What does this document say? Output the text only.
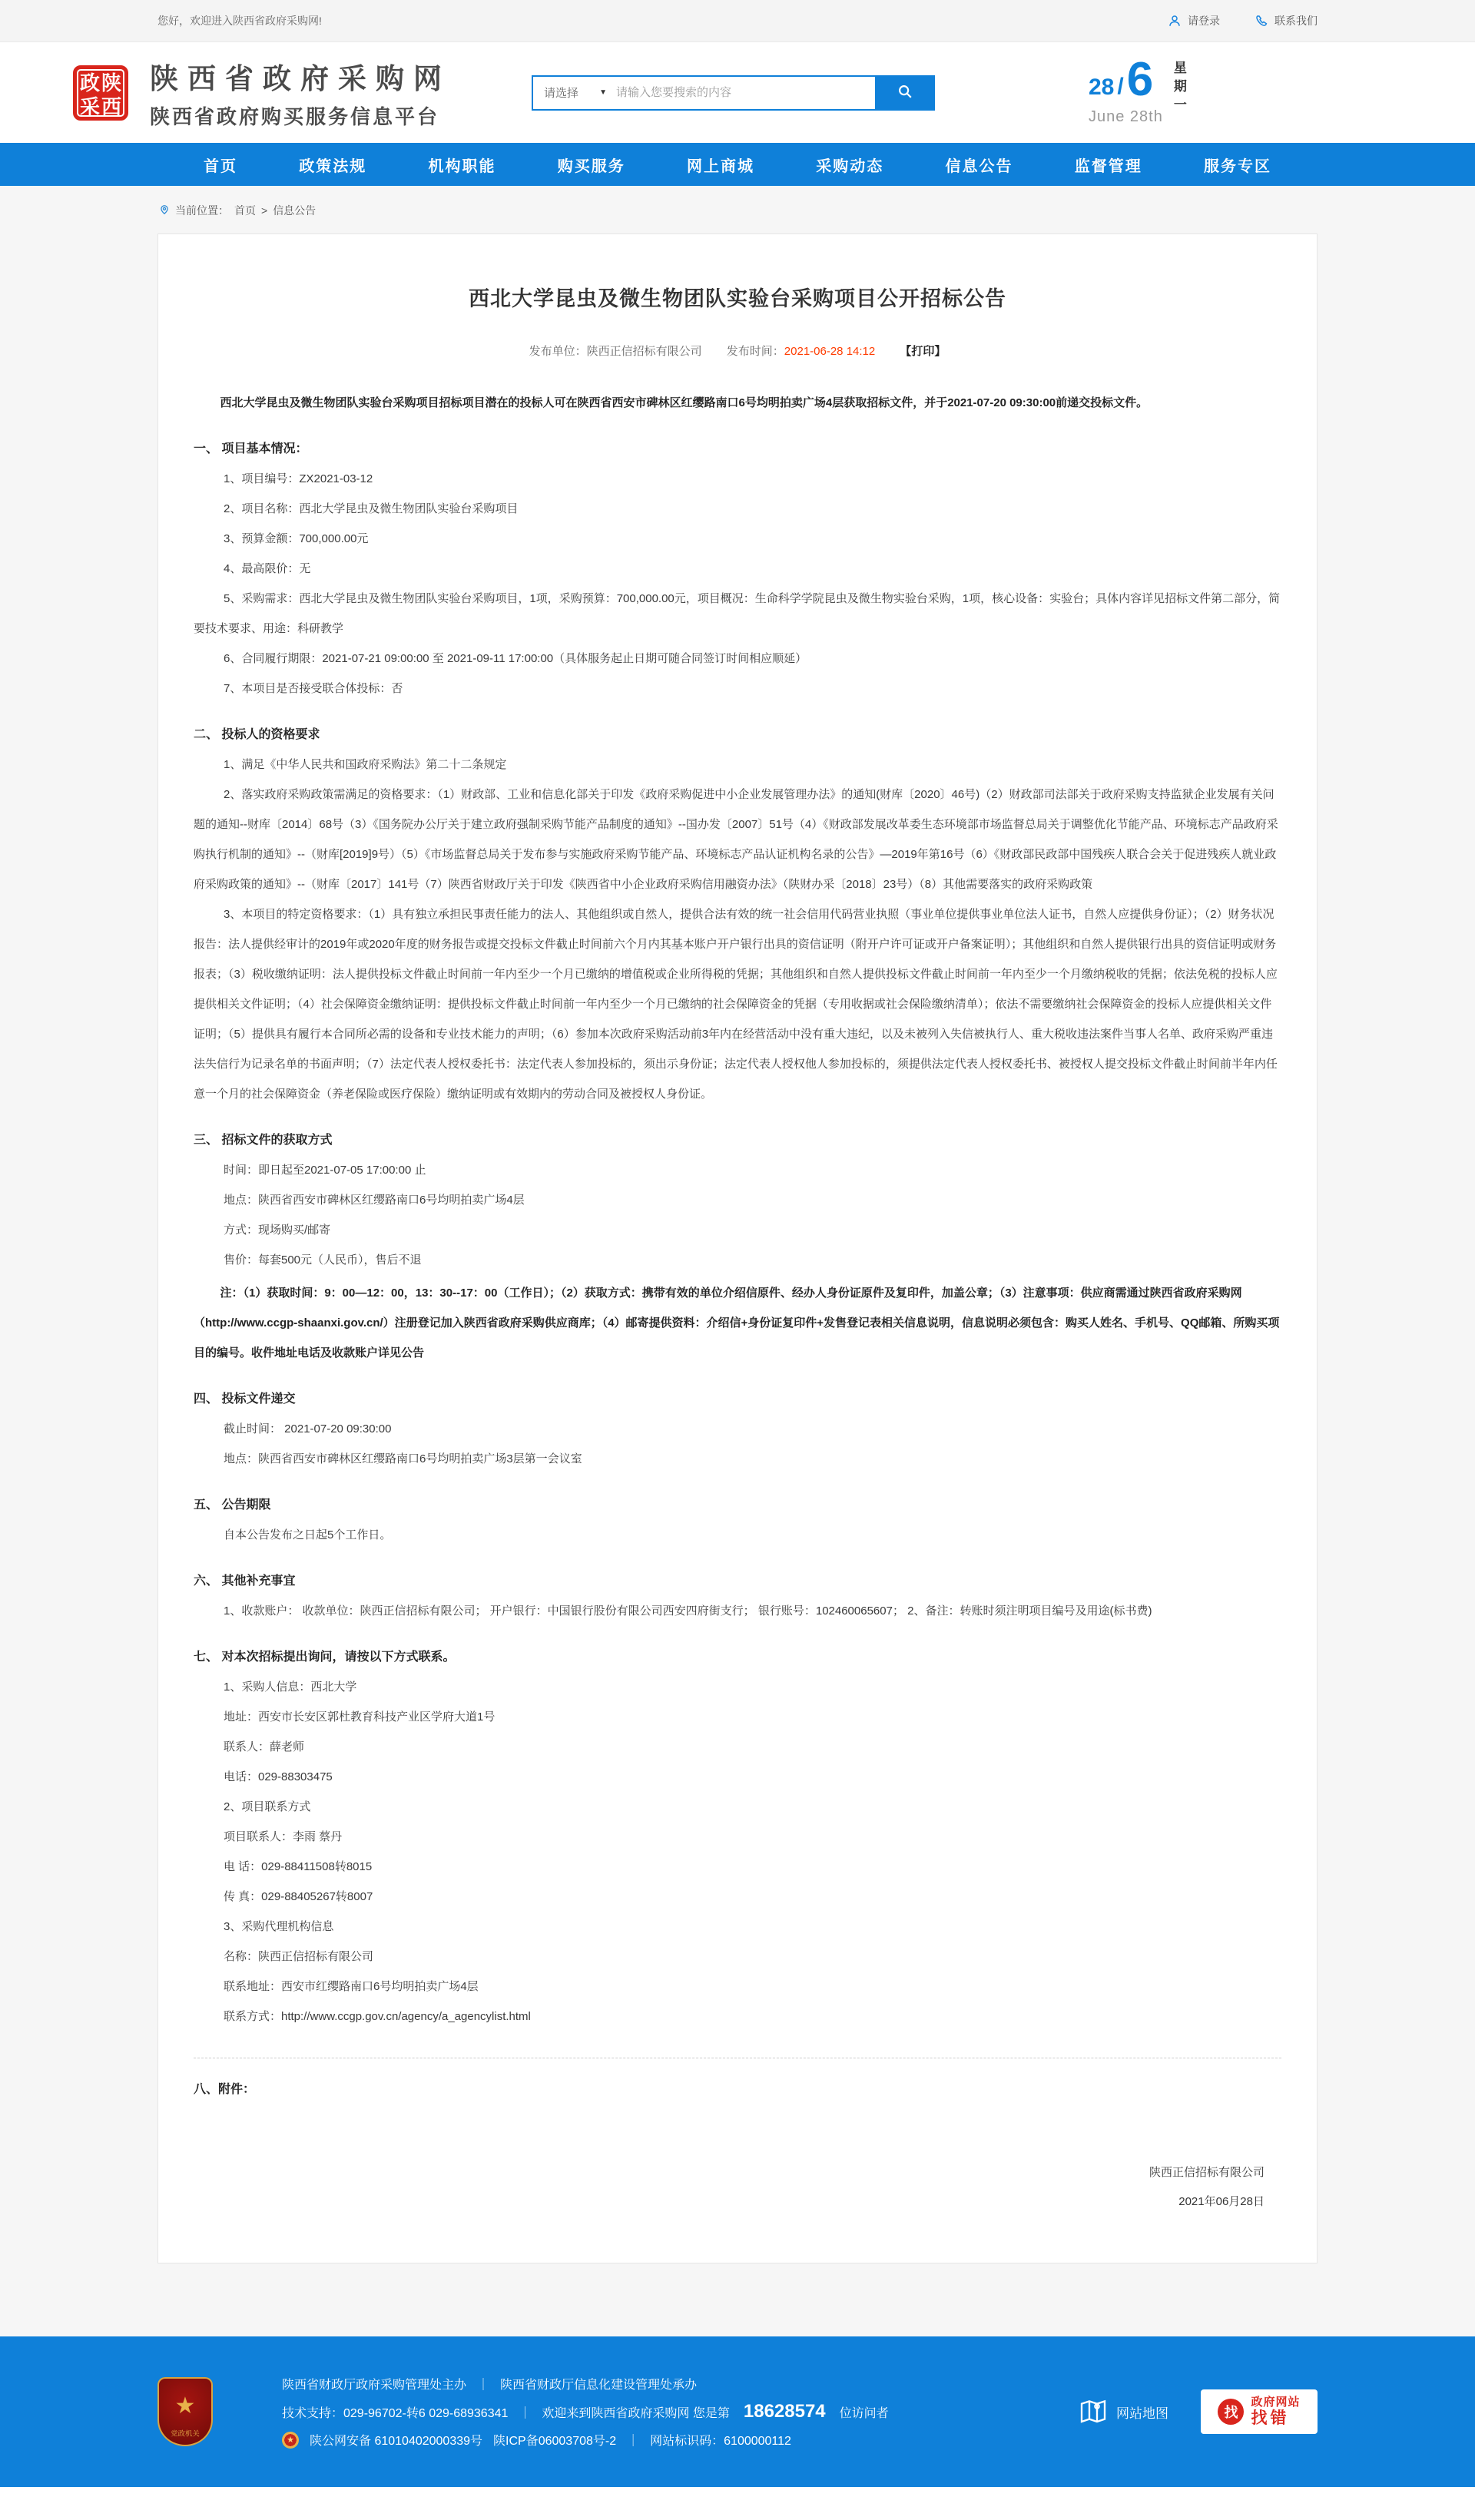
您好，欢迎进入陕西省政府采购网!	请登录	联系我们
政 陕
采 西
陕西省政府采购网
陕西省政府购买服务信息平台
请选择	▼
请输入您要搜索的内容	28 / 6
June 28th
星期一
首页	政策法规	机构职能	购买服务	网上商城	采购动态	信息公告	监督管理	服务专区
当前位置： 首页 > 信息公告
西北大学昆虫及微生物团队实验台采购项目公开招标公告
发布单位：陕西正信招标有限公司 发布时间：2021-06-28 14:12 【打印】
西北大学昆虫及微生物团队实验台采购项目招标项目潜在的投标人可在陕西省西安市碑林区红缨路南口6号均明拍卖广场4层获取招标文件，并于2021-07-20 09:30:00前递交投标文件。
一、 项目基本情况：
1、项目编号：ZX2021-03-12
2、项目名称：西北大学昆虫及微生物团队实验台采购项目
3、预算金额：700,000.00元
4、最高限价：无
5、采购需求：西北大学昆虫及微生物团队实验台采购项目，1项，采购预算：700,000.00元，项目概况：生命科学学院昆虫及微生物实验台采购，1项，核心设备：实验台；具体内容详见招标文件第二部分，简要技术要求、用途：科研教学
6、合同履行期限：2021-07-21 09:00:00 至 2021-09-11 17:00:00（具体服务起止日期可随合同签订时间相应顺延）
7、本项目是否接受联合体投标：否
二、 投标人的资格要求
1、满足《中华人民共和国政府采购法》第二十二条规定
2、落实政府采购政策需满足的资格要求：（1）财政部、工业和信息化部关于印发《政府采购促进中小企业发展管理办法》的通知(财库〔2020〕46号)（2）财政部司法部关于政府采购支持监狱企业发展有关问题的通知--财库〔2014〕68号（3）《国务院办公厅关于建立政府强制采购节能产品制度的通知》--国办发〔2007〕51号（4）《财政部发展改革委生态环境部市场监督总局关于调整优化节能产品、环境标志产品政府采购执行机制的通知》--（财库[2019]9号）（5）《市场监督总局关于发布参与实施政府采购节能产品、环境标志产品认证机构名录的公告》—2019年第16号（6）《财政部民政部中国残疾人联合会关于促进残疾人就业政府采购政策的通知》--（财库〔2017〕141号（7）陕西省财政厅关于印发《陕西省中小企业政府采购信用融资办法》（陕财办采〔2018〕23号）（8）其他需要落实的政府采购政策
3、本项目的特定资格要求：（1）具有独立承担民事责任能力的法人、其他组织或自然人，提供合法有效的统一社会信用代码营业执照（事业单位提供事业单位法人证书，自然人应提供身份证）；（2）财务状况报告：法人提供经审计的2019年或2020年度的财务报告或提交投标文件截止时间前六个月内其基本账户开户银行出具的资信证明（附开户许可证或开户备案证明）；其他组织和自然人提供银行出具的资信证明或财务报表；（3）税收缴纳证明：法人提供投标文件截止时间前一年内至少一个月已缴纳的增值税或企业所得税的凭据；其他组织和自然人提供投标文件截止时间前一年内至少一个月缴纳税收的凭据；依法免税的投标人应提供相关文件证明；（4）社会保障资金缴纳证明：提供投标文件截止时间前一年内至少一个月已缴纳的社会保障资金的凭据（专用收据或社会保险缴纳清单）；依法不需要缴纳社会保障资金的投标人应提供相关文件证明；（5）提供具有履行本合同所必需的设备和专业技术能力的声明；（6）参加本次政府采购活动前3年内在经营活动中没有重大违纪，以及未被列入失信被执行人、重大税收违法案件当事人名单、政府采购严重违法失信行为记录名单的书面声明；（7）法定代表人授权委托书：法定代表人参加投标的，须出示身份证；法定代表人授权他人参加投标的，须提供法定代表人授权委托书、被授权人提交投标文件截止时间前半年内任意一个月的社会保障资金（养老保险或医疗保险）缴纳证明或有效期内的劳动合同及被授权人身份证。
三、 招标文件的获取方式
时间：即日起至2021-07-05 17:00:00 止
地点：陕西省西安市碑林区红缨路南口6号均明拍卖广场4层
方式：现场购买/邮寄
售价：每套500元（人民币），售后不退
注：（1）获取时间：9：00—12：00，13：30--17：00（工作日）；（2）获取方式：携带有效的单位介绍信原件、经办人身份证原件及复印件，加盖公章；（3）注意事项：供应商需通过陕西省政府采购网（http://www.ccgp-shaanxi.gov.cn/）注册登记加入陕西省政府采购供应商库；（4）邮寄提供资料：介绍信+身份证复印件+发售登记表相关信息说明，信息说明必须包含：购买人姓名、手机号、QQ邮箱、所购买项目的编号。收件地址电话及收款账户详见公告
四、 投标文件递交
截止时间： 2021-07-20 09:30:00
地点：陕西省西安市碑林区红缨路南口6号均明拍卖广场3层第一会议室
五、 公告期限
自本公告发布之日起5个工作日。
六、 其他补充事宜
1、收款账户： 收款单位：陕西正信招标有限公司； 开户银行：中国银行股份有限公司西安四府街支行； 银行账号：102460065607； 2、备注：转账时须注明项目编号及用途(标书费)
七、 对本次招标提出询问，请按以下方式联系。
1、采购人信息：西北大学
地址：西安市长安区郭杜教育科技产业区学府大道1号
联系人：薛老师
电话：029-88303475
2、项目联系方式
项目联系人：李雨 蔡丹
电 话：029-88411508转8015
传 真：029-88405267转8007
3、采购代理机构信息
名称：陕西正信招标有限公司
联系地址：西安市红缨路南口6号均明拍卖广场4层
联系方式：http://www.ccgp.gov.cn/agency/a_agencylist.html
八、附件：
陕西正信招标有限公司
2021年06月28日
★
党政机关
陕西省财政厅政府采购管理处主办 ｜ 陕西省财政厅信息化建设管理处承办
技术支持：029-96702-转6 029-68936341 ｜ 欢迎来到陕西省政府采购网 您是第 18628574 位访问者
★	陕公网安备 61010402000339号 陕ICP备06003708号-2 ｜ 网站标识码：6100000112
网站地图	找
政府网站
找错
